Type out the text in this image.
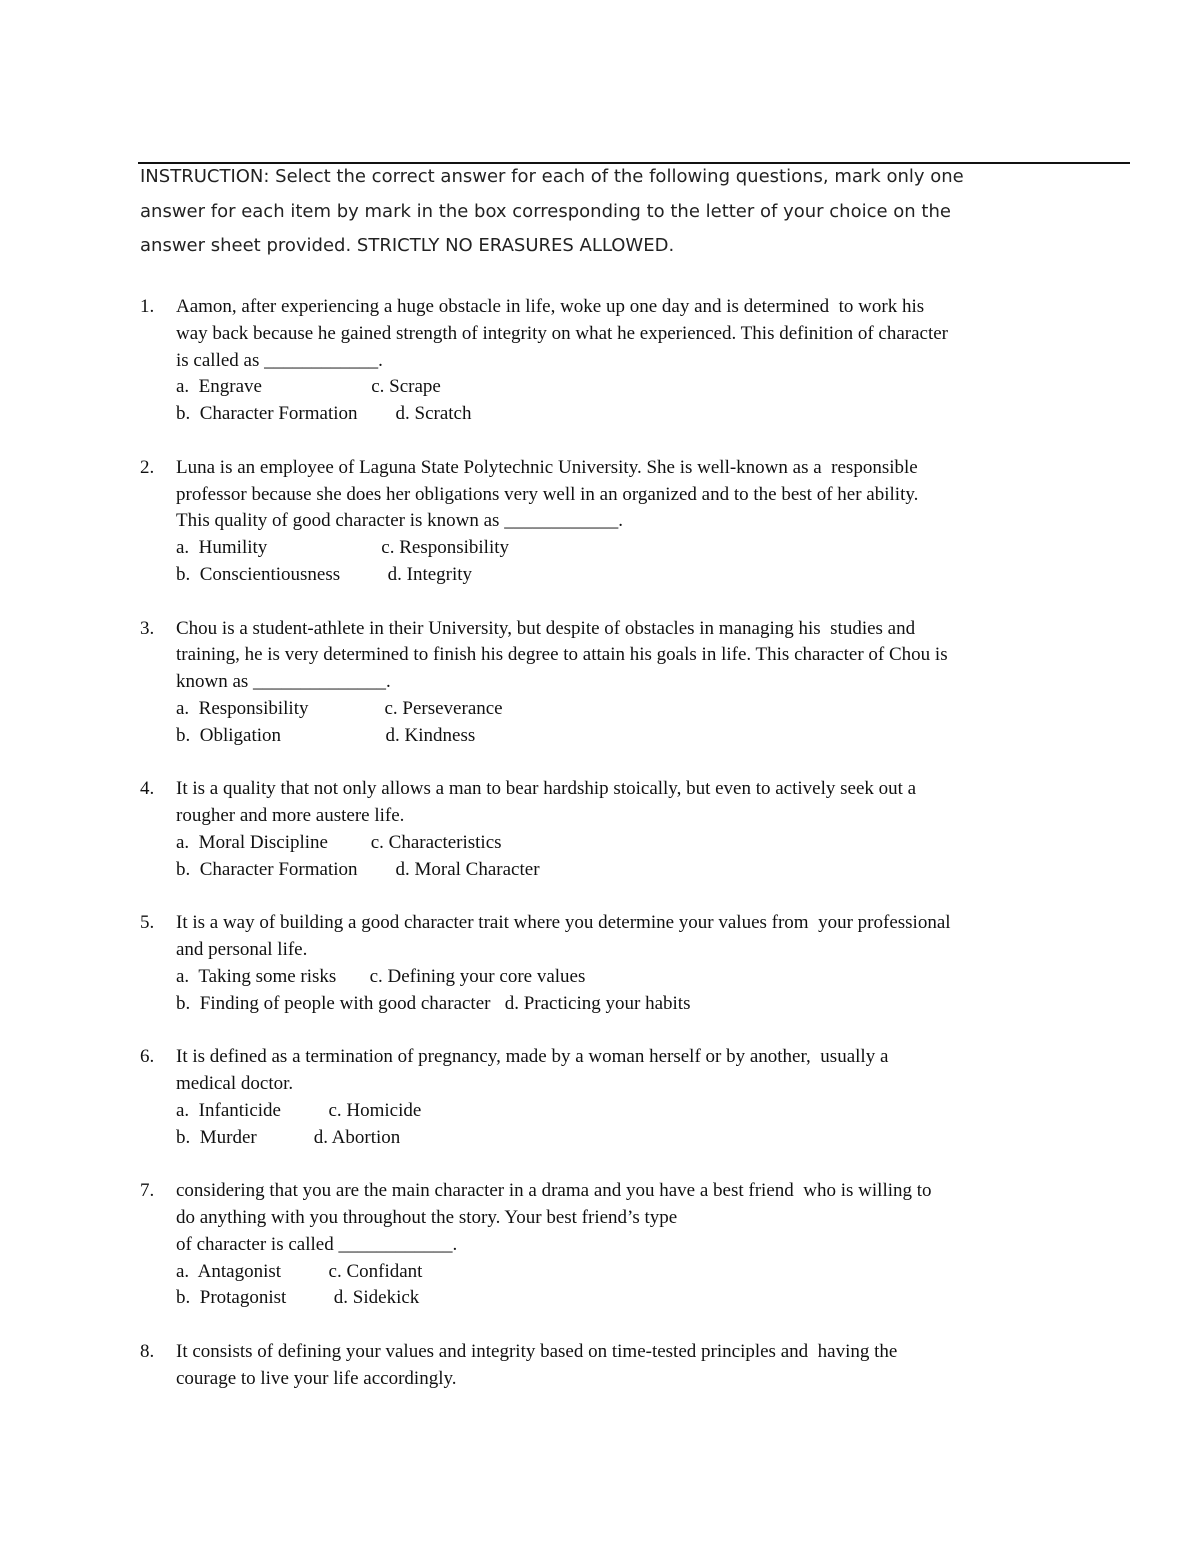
INSTRUCTION: Select the correct answer for each of the following questions, mark only one
answer for each item by mark in the box corresponding to the letter of your choice on the
answer sheet provided. STRICTLY NO ERASURES ALLOWED.
1.	Aamon, after experiencing a huge obstacle in life, woke up one day and is determined  to work his
way back because he gained strength of integrity on what he experienced. This definition of character
is called as ____________.
a.  Engrave                       c. Scrape
b.  Character Formation        d. Scratch
2.	Luna is an employee of Laguna State Polytechnic University. She is well-known as a  responsible
professor because she does her obligations very well in an organized and to the best of her ability.
This quality of good character is known as ____________.
a.  Humility                        c. Responsibility
b.  Conscientiousness          d. Integrity
3.	Chou is a student-athlete in their University, but despite of obstacles in managing his  studies and
training, he is very determined to finish his degree to attain his goals in life. This character of Chou is
known as ______________.
a.  Responsibility                c. Perseverance
b.  Obligation                      d. Kindness
4.	It is a quality that not only allows a man to bear hardship stoically, but even to actively seek out a
rougher and more austere life.
a.  Moral Discipline         c. Characteristics
b.  Character Formation        d. Moral Character
5.	It is a way of building a good character trait where you determine your values from  your professional
and personal life.
a.  Taking some risks       c. Defining your core values
b.  Finding of people with good character   d. Practicing your habits
6.	It is defined as a termination of pregnancy, made by a woman herself or by another,  usually a
medical doctor.
a.  Infanticide          c. Homicide
b.  Murder            d. Abortion
7.	considering that you are the main character in a drama and you have a best friend  who is willing to
do anything with you throughout the story. Your best friend’s type
of character is called ____________.
a.  Antagonist          c. Confidant
b.  Protagonist          d. Sidekick
8.	It consists of defining your values and integrity based on time-tested principles and  having the
courage to live your life accordingly.
